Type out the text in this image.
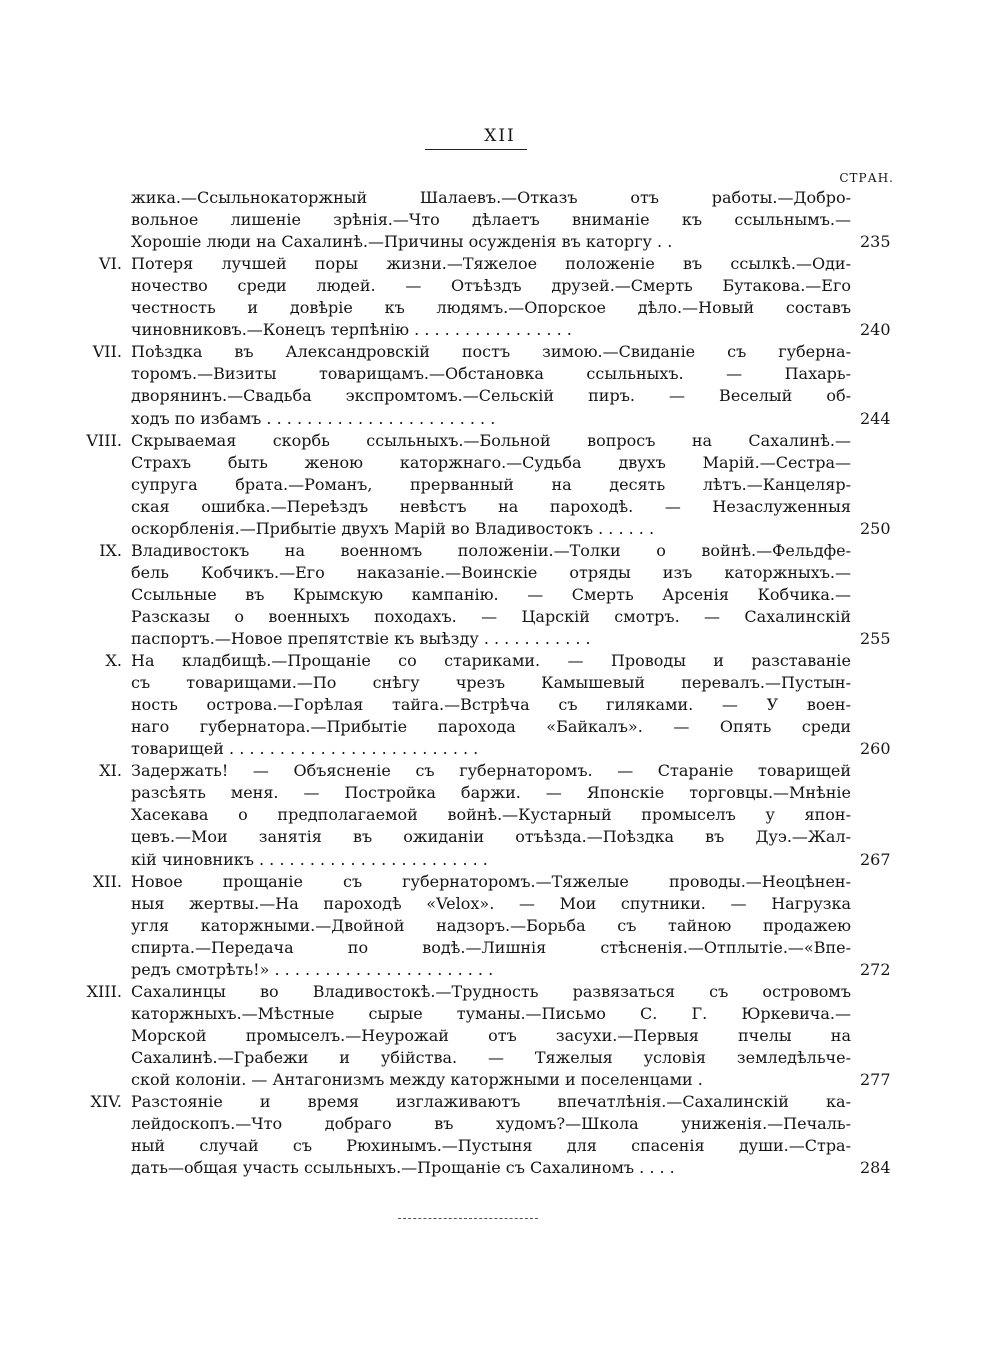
XII
СТРАН.
жика.—Ссыльнокаторжный Шалаевъ.—Отказъ отъ работы.—Добро-
вольное лишеніе зрѣнія.—Что дѣлаетъ вниманіе къ ссыльнымъ.—
Хорошіе люди на Сахалинѣ.—Причины осужденія въ каторгу . .	235
VI. Потеря лучшей поры жизни.—Тяжелое положеніе въ ссылкѣ.—Оди-
ночество среди людей. — Отъѣздъ друзей.—Смерть Бутакова.—Его
честность и довѣріе къ людямъ.—Опорское дѣло.—Новый составъ
чиновниковъ.—Конецъ терпѣнію . . . . . . . . . . . . . . . .	240
VII. Поѣздка въ Александровскій постъ зимою.—Свиданіе съ губерна-
торомъ.—Визиты товарищамъ.—Обстановка ссыльныхъ. — Пахарь-
дворянинъ.—Свадьба экспромтомъ.—Сельскій пиръ. — Веселый об-
ходъ по избамъ . . . . . . . . . . . . . . . . . . . . . . .	244
VIII. Скрываемая скорбь ссыльныхъ.—Больной вопросъ на Сахалинѣ.—
Страхъ быть женою каторжнаго.—Судьба двухъ Марій.—Сестра—
супруга брата.—Романъ, прерванный на десять лѣтъ.—Канцеляр-
ская ошибка.—Переѣздъ невѣстъ на пароходѣ. — Незаслуженныя
оскорбленія.—Прибытіе двухъ Марій во Владивостокъ . . . . . .	250
IX. Владивостокъ на военномъ положеніи.—Толки о войнѣ.—Фельдфе-
бель Кобчикъ.—Его наказаніе.—Воинскіе отряды изъ каторжныхъ.—
Ссыльные въ Крымскую кампанію. — Смерть Арсенія Кобчика.—
Разсказы о военныхъ походахъ. — Царскій смотръ. — Сахалинскій
паспортъ.—Новое препятствіе къ выѣзду . . . . . . . . . . .	255
X. На кладбищѣ.—Прощаніе со стариками. — Проводы и разставаніе
съ товарищами.—По снѣгу чрезъ Камышевый перевалъ.—Пустын-
ность острова.—Горѣлая тайга.—Встрѣча съ гиляками. — У воен-
наго губернатора.—Прибытіе парохода «Байкалъ». — Опять среди
товарищей . . . . . . . . . . . . . . . . . . . . . . . . .	260
XI. Задержать! — Объясненіе съ губернаторомъ. — Стараніе товарищей
разсѣять меня. — Постройка баржи. — Японскіе торговцы.—Мнѣніе
Хасекава о предполагаемой войнѣ.—Кустарный промыселъ у япон-
цевъ.—Мои занятія въ ожиданіи отъѣзда.—Поѣздка въ Дуэ.—Жал-
кій чиновникъ . . . . . . . . . . . . . . . . . . . . . . .	267
XII. Новое прощаніе съ губернаторомъ.—Тяжелые проводы.—Неоцѣнен-
ныя жертвы.—На пароходѣ «Velox». — Мои спутники. — Нагрузка
угля каторжными.—Двойной надзоръ.—Борьба съ тайною продажею
спирта.—Передача по водѣ.—Лишнія стѣсненія.—Отплытіе.—«Впе-
редъ смотрѣть!» . . . . . . . . . . . . . . . . . . . . . .	272
XIII. Сахалинцы во Владивостокѣ.—Трудность развязаться съ островомъ
каторжныхъ.—Мѣстные сырые туманы.—Письмо С. Г. Юркевича.—
Морской промыселъ.—Неурожай отъ засухи.—Первыя пчелы на
Сахалинѣ.—Грабежи и убійства. — Тяжелыя условія земледѣльче-
ской колоніи. — Антагонизмъ между каторжными и поселенцами .	277
XIV. Разстояніе и время изглаживаютъ впечатлѣнія.—Сахалинскій ка-
лейдоскопъ.—Что добраго въ худомъ?—Школа униженія.—Печаль-
ный случай съ Рюхинымъ.—Пустыня для спасенія души.—Стра-
дать—общая участь ссыльныхъ.—Прощаніе съ Сахалиномъ . . . .	284
